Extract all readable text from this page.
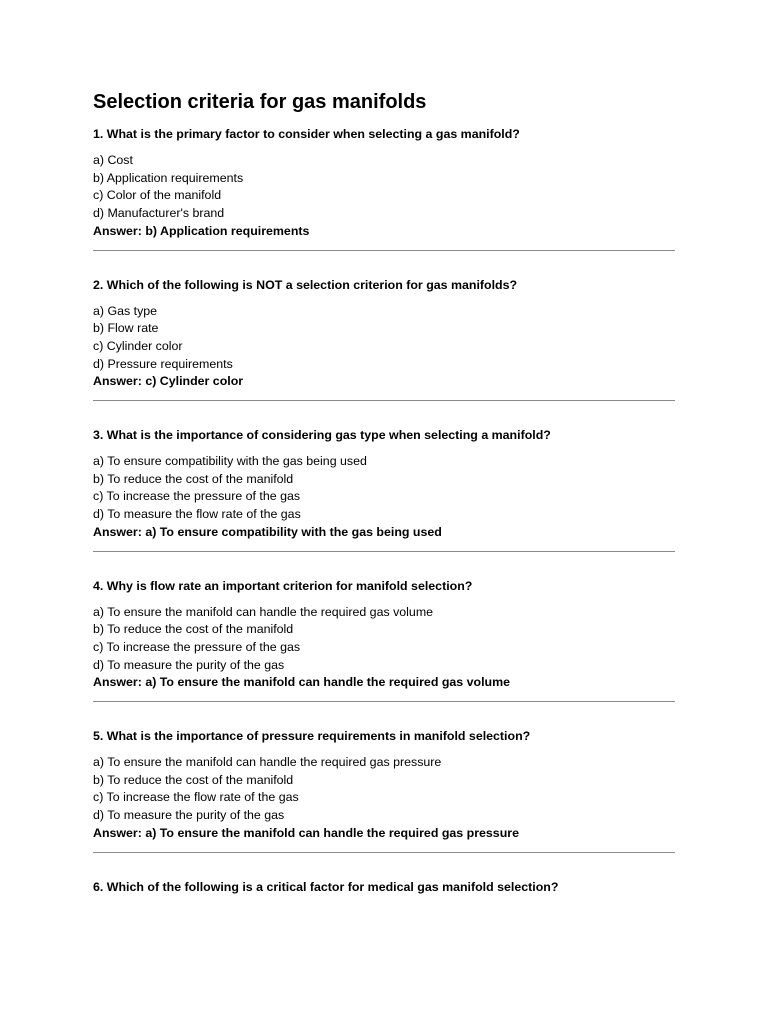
Selection criteria for gas manifolds

1. What is the primary factor to consider when selecting a gas manifold?

a) Cost
b) Application requirements
c) Color of the manifold
d) Manufacturer's brand

Answer: b) Application requirements

2. Which of the following is NOT a selection criterion for gas manifolds?

a) Gas type
b) Flow rate
c) Cylinder color
d) Pressure requirements

Answer: c) Cylinder color

3. What is the importance of considering gas type when selecting a manifold?

a) To ensure compatibility with the gas being used
b) To reduce the cost of the manifold
c) To increase the pressure of the gas
d) To measure the flow rate of the gas

Answer: a) To ensure compatibility with the gas being used

4. Why is flow rate an important criterion for manifold selection?

a) To ensure the manifold can handle the required gas volume
b) To reduce the cost of the manifold
c) To increase the pressure of the gas
d) To measure the purity of the gas

Answer: a) To ensure the manifold can handle the required gas volume

5. What is the importance of pressure requirements in manifold selection?

a) To ensure the manifold can handle the required gas pressure
b) To reduce the cost of the manifold
c) To increase the flow rate of the gas
d) To measure the purity of the gas

Answer: a) To ensure the manifold can handle the required gas pressure

6. Which of the following is a critical factor for medical gas manifold selection?
